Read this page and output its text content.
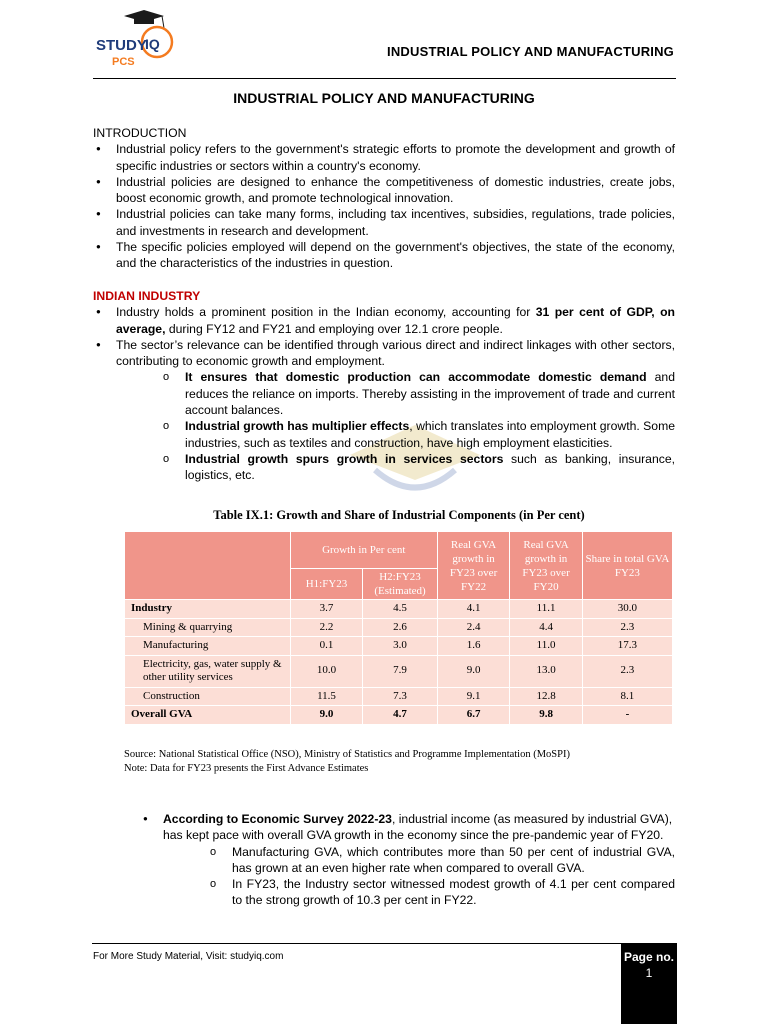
STUDY
IQ
PCS
INDUSTRIAL POLICY AND MANUFACTURING
INDUSTRIAL POLICY AND MANUFACTURING
INTRODUCTION
● Industrial policy refers to the government's strategic efforts to promote the development and growth of specific industries or sectors within a country's economy.
● Industrial policies are designed to enhance the competitiveness of domestic industries, create jobs, boost economic growth, and promote technological innovation.
● Industrial policies can take many forms, including tax incentives, subsidies, regulations, trade policies, and investments in research and development.
● The specific policies employed will depend on the government's objectives, the state of the economy, and the characteristics of the industries in question.
INDIAN INDUSTRY
● Industry holds a prominent position in the Indian economy, accounting for 31 per cent of GDP, on average, during FY12 and FY21 and employing over 12.1 crore people.
● The sector’s relevance can be identified through various direct and indirect linkages with other sectors, contributing to economic growth and employment.
o It ensures that domestic production can accommodate domestic demand and reduces the reliance on imports. Thereby assisting in the improvement of trade and current account balances.
o Industrial growth has multiplier effects, which translates into employment growth. Some industries, such as textiles and construction, have high employment elasticities.
o Industrial growth spurs growth in services sectors such as banking, insurance, logistics, etc.
Table IX.1: Growth and Share of Industrial Components (in Per cent)
	Growth in Per cent		Real GVA growth in FY23 over FY22	Real GVA growth in FY23 over FY20	Share in total GVA FY23
	H1:FY23	H2:FY23 (Estimated)			
Industry	3.7	4.5	4.1	11.1	30.0
Mining & quarrying	2.2	2.6	2.4	4.4	2.3
Manufacturing	0.1	3.0	1.6	11.0	17.3
Electricity, gas, water supply & other utility services	10.0	7.9	9.0	13.0	2.3
Construction	11.5	7.3	9.1	12.8	8.1
Overall GVA	9.0	4.7	6.7	9.8	-
Source: National Statistical Office (NSO), Ministry of Statistics and Programme Implementation (MoSPI)
Note: Data for FY23 presents the First Advance Estimates
● According to Economic Survey 2022-23, industrial income (as measured by industrial GVA), has kept pace with overall GVA growth in the economy since the pre-pandemic year of FY20.
o Manufacturing GVA, which contributes more than 50 per cent of industrial GVA, has grown at an even higher rate when compared to overall GVA.
o In FY23, the Industry sector witnessed modest growth of 4.1 per cent compared to the strong growth of 10.3 per cent in FY22.
For More Study Material, Visit: studyiq.com	Page no.
1
